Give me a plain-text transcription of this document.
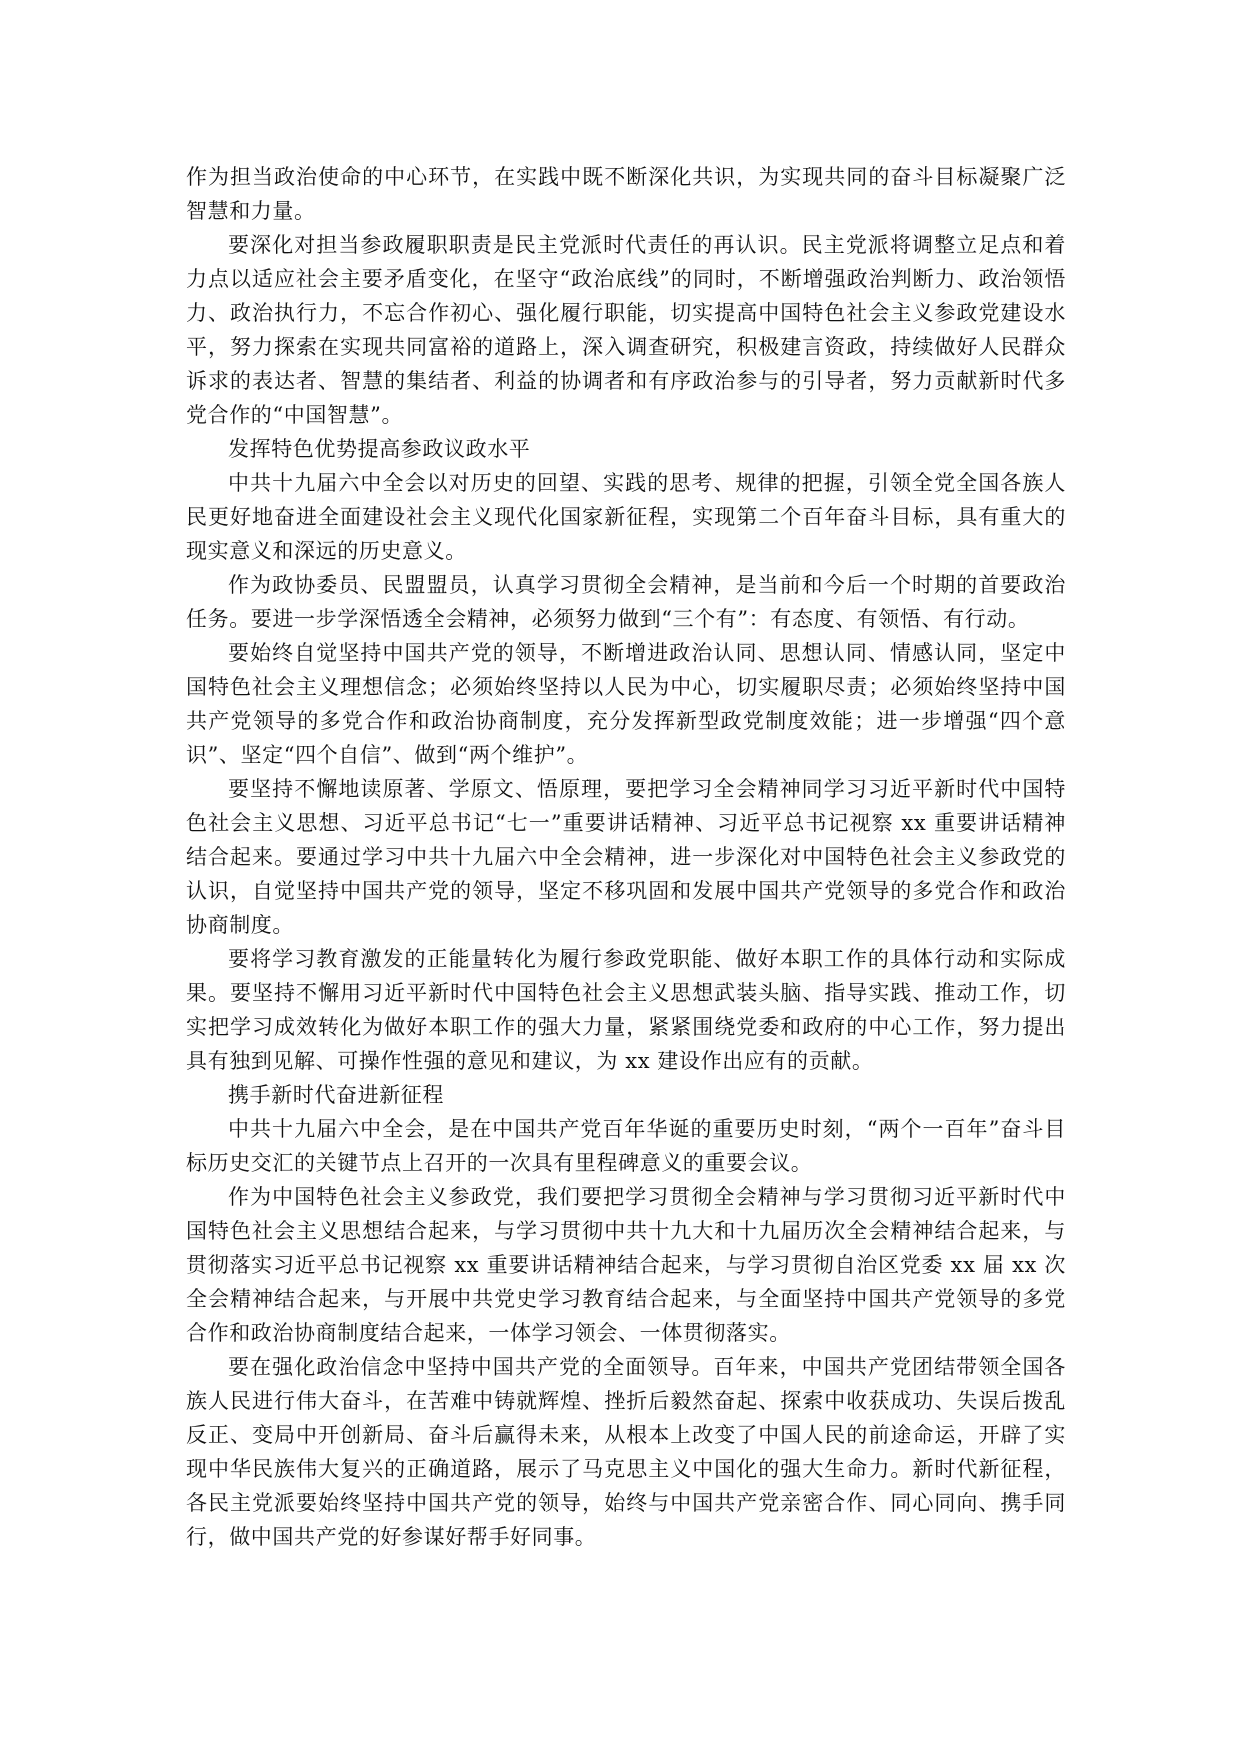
作为担当政治使命的中心环节，在实践中既不断深化共识，为实现共同的奋斗目标凝聚广泛智慧和力量。

要深化对担当参政履职职责是民主党派时代责任的再认识。民主党派将调整立足点和着力点以适应社会主要矛盾变化，在坚守“政治底线”的同时，不断增强政治判断力、政治领悟力、政治执行力，不忘合作初心、强化履行职能，切实提高中国特色社会主义参政党建设水平，努力探索在实现共同富裕的道路上，深入调查研究，积极建言资政，持续做好人民群众诉求的表达者、智慧的集结者、利益的协调者和有序政治参与的引导者，努力贡献新时代多党合作的“中国智慧”。

发挥特色优势提高参政议政水平

中共十九届六中全会以对历史的回望、实践的思考、规律的把握，引领全党全国各族人民更好地奋进全面建设社会主义现代化国家新征程，实现第二个百年奋斗目标，具有重大的现实意义和深远的历史意义。

作为政协委员、民盟盟员，认真学习贯彻全会精神，是当前和今后一个时期的首要政治任务。要进一步学深悟透全会精神，必须努力做到“三个有”：有态度、有领悟、有行动。

要始终自觉坚持中国共产党的领导，不断增进政治认同、思想认同、情感认同，坚定中国特色社会主义理想信念；必须始终坚持以人民为中心，切实履职尽责；必须始终坚持中国共产党领导的多党合作和政治协商制度，充分发挥新型政党制度效能；进一步增强“四个意识”、坚定“四个自信”、做到“两个维护”。

要坚持不懈地读原著、学原文、悟原理，要把学习全会精神同学习习近平新时代中国特色社会主义思想、习近平总书记“七一”重要讲话精神、习近平总书记视察 xx 重要讲话精神结合起来。要通过学习中共十九届六中全会精神，进一步深化对中国特色社会主义参政党的认识，自觉坚持中国共产党的领导，坚定不移巩固和发展中国共产党领导的多党合作和政治协商制度。

要将学习教育激发的正能量转化为履行参政党职能、做好本职工作的具体行动和实际成果。要坚持不懈用习近平新时代中国特色社会主义思想武装头脑、指导实践、推动工作，切实把学习成效转化为做好本职工作的强大力量，紧紧围绕党委和政府的中心工作，努力提出具有独到见解、可操作性强的意见和建议，为 xx 建设作出应有的贡献。

携手新时代奋进新征程

中共十九届六中全会，是在中国共产党百年华诞的重要历史时刻，“两个一百年”奋斗目标历史交汇的关键节点上召开的一次具有里程碑意义的重要会议。

作为中国特色社会主义参政党，我们要把学习贯彻全会精神与学习贯彻习近平新时代中国特色社会主义思想结合起来，与学习贯彻中共十九大和十九届历次全会精神结合起来，与贯彻落实习近平总书记视察 xx 重要讲话精神结合起来，与学习贯彻自治区党委 xx 届 xx 次全会精神结合起来，与开展中共党史学习教育结合起来，与全面坚持中国共产党领导的多党合作和政治协商制度结合起来，一体学习领会、一体贯彻落实。

要在强化政治信念中坚持中国共产党的全面领导。百年来，中国共产党团结带领全国各族人民进行伟大奋斗，在苦难中铸就辉煌、挫折后毅然奋起、探索中收获成功、失误后拨乱反正、变局中开创新局、奋斗后赢得未来，从根本上改变了中国人民的前途命运，开辟了实现中华民族伟大复兴的正确道路，展示了马克思主义中国化的强大生命力。新时代新征程，各民主党派要始终坚持中国共产党的领导，始终与中国共产党亲密合作、同心同向、携手同行，做中国共产党的好参谋好帮手好同事。
